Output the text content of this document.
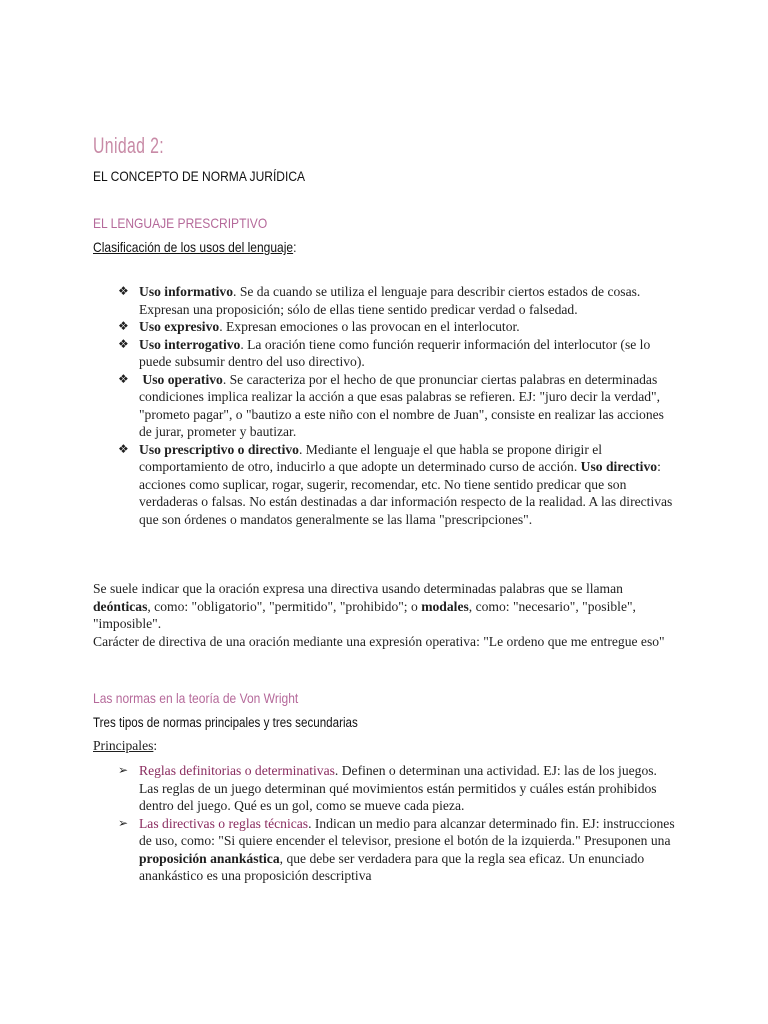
Unidad 2:
EL CONCEPTO DE NORMA JURÍDICA
EL LENGUAJE PRESCRIPTIVO
Clasificación de los usos del lenguaje:
❖ Uso informativo. Se da cuando se utiliza el lenguaje para describir ciertos estados de cosas. Expresan una proposición; sólo de ellas tiene sentido predicar verdad o falsedad.
❖ Uso expresivo. Expresan emociones o las provocan en el interlocutor.
❖ Uso interrogativo. La oración tiene como función requerir información del interlocutor (se lo puede subsumir dentro del uso directivo).
❖ Uso operativo. Se caracteriza por el hecho de que pronunciar ciertas palabras en determinadas condiciones implica realizar la acción a que esas palabras se refieren. EJ: "juro decir la verdad", "prometo pagar", o "bautizo a este niño con el nombre de Juan", consiste en realizar las acciones de jurar, prometer y bautizar.
❖ Uso prescriptivo o directivo. Mediante el lenguaje el que habla se propone dirigir el comportamiento de otro, inducirlo a que adopte un determinado curso de acción. Uso directivo: acciones como suplicar, rogar, sugerir, recomendar, etc. No tiene sentido predicar que son verdaderas o falsas. No están destinadas a dar información respecto de la realidad. A las directivas que son órdenes o mandatos generalmente se las llama "prescripciones".
Se suele indicar que la oración expresa una directiva usando determinadas palabras que se llaman deónticas, como: "obligatorio", "permitido", "prohibido"; o modales, como: "necesario", "posible", "imposible".
Carácter de directiva de una oración mediante una expresión operativa: "Le ordeno que me entregue eso"
Las normas en la teoría de Von Wright
Tres tipos de normas principales y tres secundarias
Principales:
➢ Reglas definitorias o determinativas. Definen o determinan una actividad. EJ: las de los juegos. Las reglas de un juego determinan qué movimientos están permitidos y cuáles están prohibidos dentro del juego. Qué es un gol, como se mueve cada pieza.
➢ Las directivas o reglas técnicas. Indican un medio para alcanzar determinado fin. EJ: instrucciones de uso, como: "Si quiere encender el televisor, presione el botón de la izquierda." Presuponen una proposición anankástica, que debe ser verdadera para que la regla sea eficaz. Un enunciado anankástico es una proposición descriptiva
